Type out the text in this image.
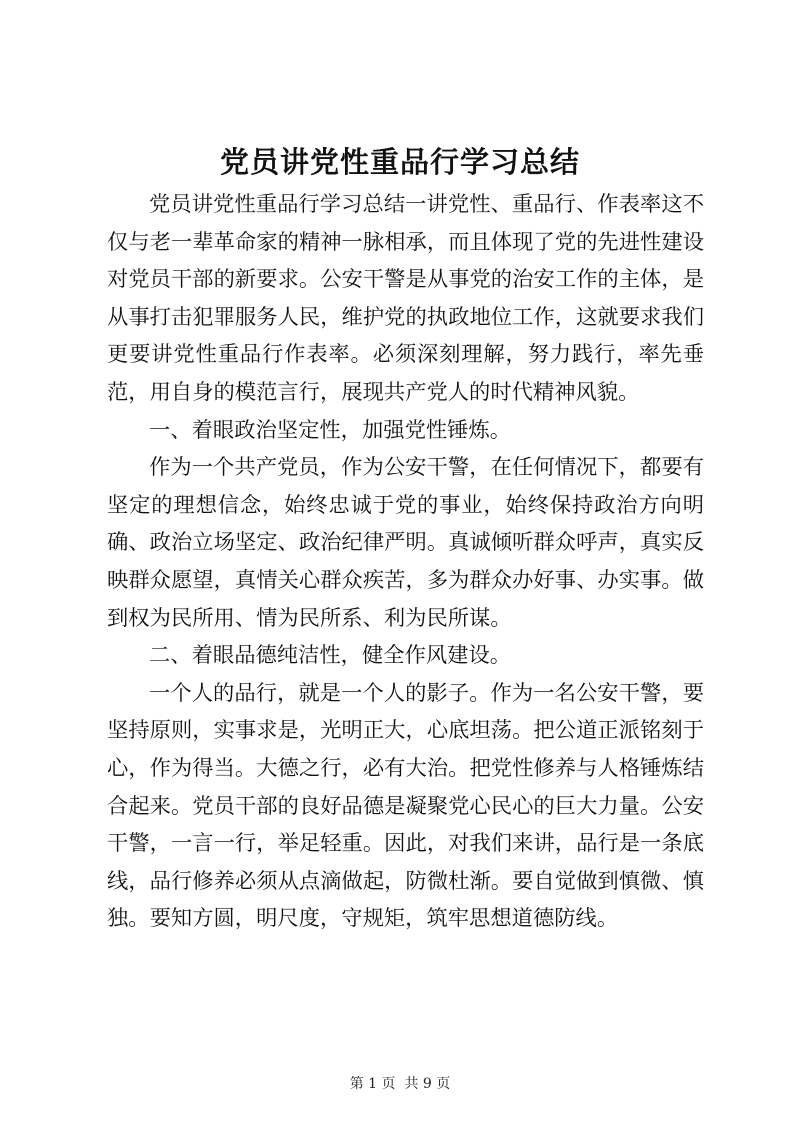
党员讲党性重品行学习总结

党员讲党性重品行学习总结一讲党性、重品行、作表率这不仅与老一辈革命家的精神一脉相承，而且体现了党的先进性建设对党员干部的新要求。公安干警是从事党的治安工作的主体，是从事打击犯罪服务人民，维护党的执政地位工作，这就要求我们更要讲党性重品行作表率。必须深刻理解，努力践行，率先垂范，用自身的模范言行，展现共产党人的时代精神风貌。

一、着眼政治坚定性，加强党性锤炼。

作为一个共产党员，作为公安干警，在任何情况下，都要有坚定的理想信念，始终忠诚于党的事业，始终保持政治方向明确、政治立场坚定、政治纪律严明。真诚倾听群众呼声，真实反映群众愿望，真情关心群众疾苦，多为群众办好事、办实事。做到权为民所用、情为民所系、利为民所谋。

二、着眼品德纯洁性，健全作风建设。

一个人的品行，就是一个人的影子。作为一名公安干警，要坚持原则，实事求是，光明正大，心底坦荡。把公道正派铭刻于心，作为得当。大德之行，必有大治。把党性修养与人格锤炼结合起来。党员干部的良好品德是凝聚党心民心的巨大力量。公安干警，一言一行，举足轻重。因此，对我们来讲，品行是一条底线，品行修养必须从点滴做起，防微杜渐。要自觉做到慎微、慎独。要知方圆，明尺度，守规矩，筑牢思想道德防线。

第 1 页  共 9 页
